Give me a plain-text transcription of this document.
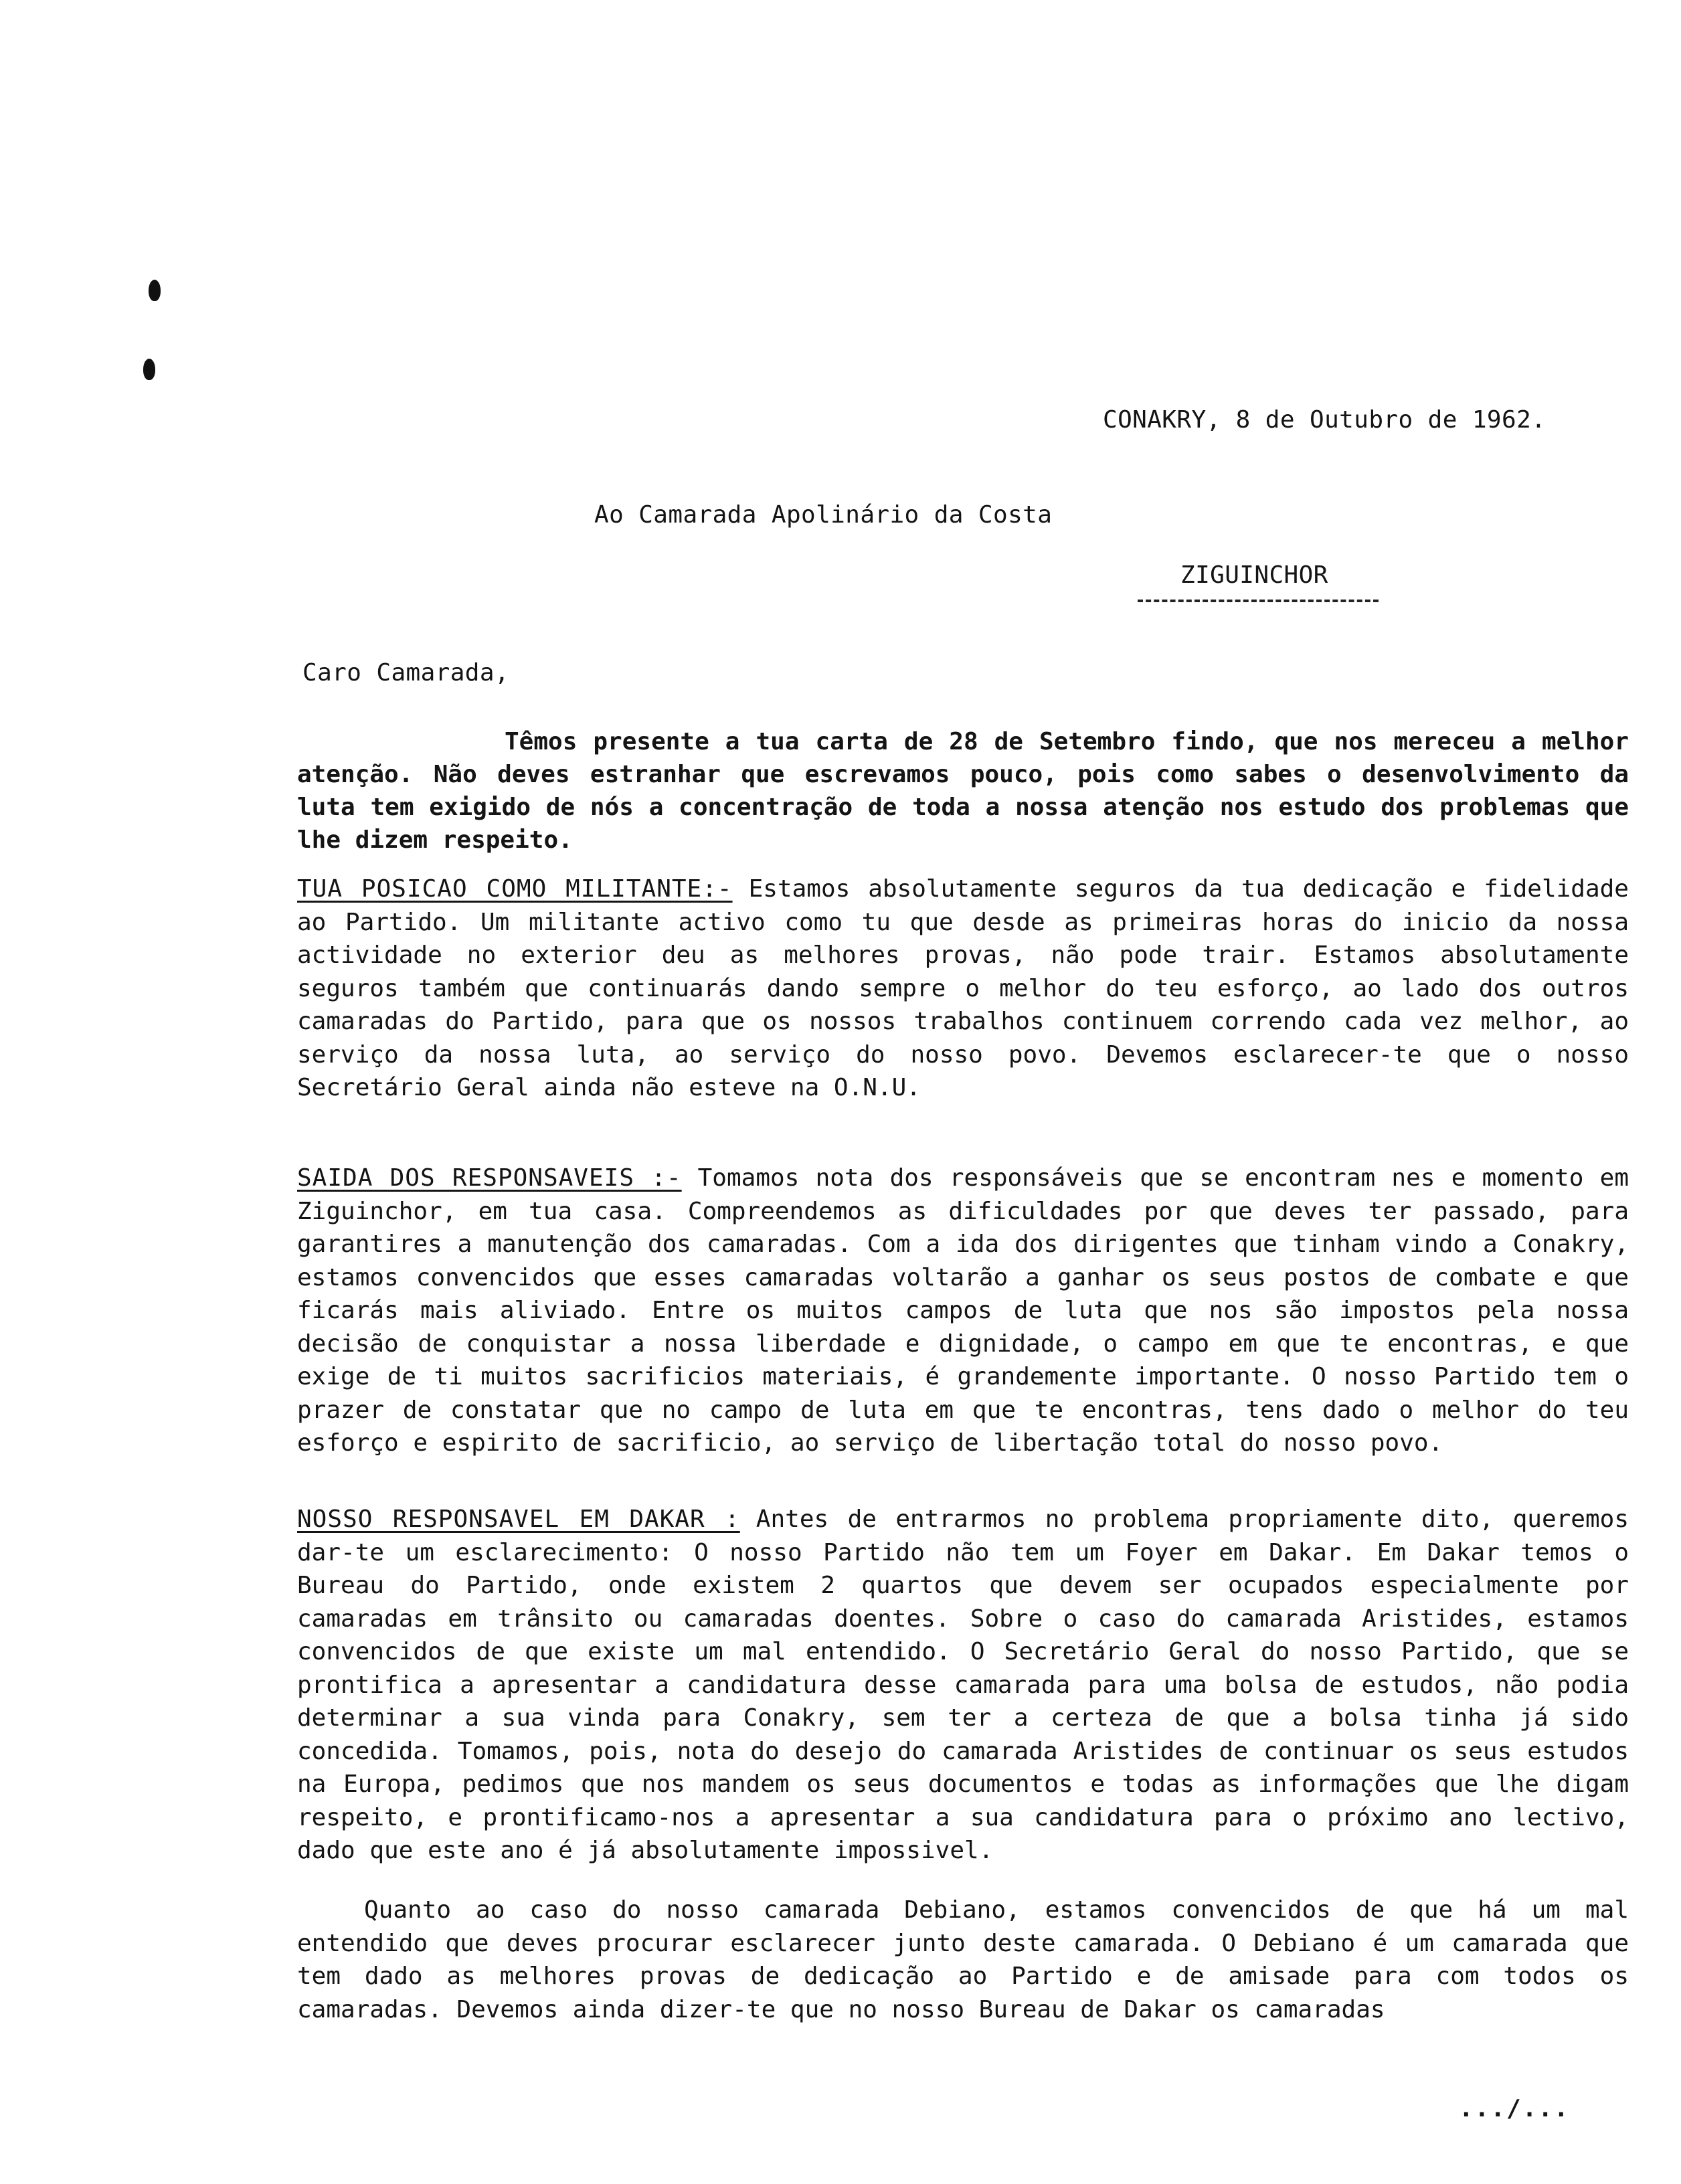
CONAKRY, 8 de Outubro de 1962.
Ao Camarada Apolinário da Costa
ZIGUINCHOR
Caro Camarada,

Têmos presente a tua carta de 28 de Setembro findo, que nos mereceu a melhor atenção. Não deves estranhar que escrevamos pouco, pois como sabes o desenvolvimento da luta tem exigido de nós a concentração de toda a nossa atenção nos estudo dos problemas que lhe dizem respeito.

TUA POSICAO COMO MILITANTE:- Estamos absolutamente seguros da tua dedicação e fidelidade ao Partido. Um militante activo como tu que desde as primeiras horas do inicio da nossa actividade no exterior deu as melhores provas, não pode trair. Estamos absolutamente seguros também que continuarás dando sempre o melhor do teu esforço, ao lado dos outros camaradas do Partido, para que os nossos trabalhos continuem correndo cada vez melhor, ao serviço da nossa luta, ao serviço do nosso povo. Devemos esclarecer-te que o nosso Secretário Geral ainda não esteve na O.N.U.

SAIDA DOS RESPONSAVEIS :- Tomamos nota dos responsáveis que se encontram nes e momento em Ziguinchor, em tua casa. Compreendemos as dificuldades por que deves ter passado, para garantires a manutenção dos camaradas. Com a ida dos dirigentes que tinham vindo a Conakry, estamos convencidos que esses camaradas voltarão a ganhar os seus postos de combate e que ficarás mais aliviado. Entre os muitos campos de luta que nos são impostos pela nossa decisão de conquistar a nossa liberdade e dignidade, o campo em que te encontras, e que exige de ti muitos sacrificios materiais, é grandemente importante. O nosso Partido tem o prazer de constatar que no campo de luta em que te encontras, tens dado o melhor do teu esforço e espirito de sacrificio, ao serviço de libertação total do nosso povo.

NOSSO RESPONSAVEL EM DAKAR : Antes de entrarmos no problema propriamente dito, queremos dar-te um esclarecimento: O nosso Partido não tem um Foyer em Dakar. Em Dakar temos o Bureau do Partido, onde existem 2 quartos que devem ser ocupados especialmente por camaradas em trânsito ou camaradas doentes. Sobre o caso do camarada Aristides, estamos convencidos de que existe um mal entendido. O Secretário Geral do nosso Partido, que se prontifica a apresentar a candidatura desse camarada para uma bolsa de estudos, não podia determinar a sua vinda para Conakry, sem ter a certeza de que a bolsa tinha já sido concedida. Tomamos, pois, nota do desejo do camarada Aristides de continuar os seus estudos na Europa, pedimos que nos mandem os seus documentos e todas as informações que lhe digam respeito, e prontificamo-nos a apresentar a sua candidatura para o próximo ano lectivo, dado que este ano é já absolutamente impossivel.

Quanto ao caso do nosso camarada Debiano, estamos convencidos de que há um mal entendido que deves procurar esclarecer junto deste camarada. O Debiano é um camarada que tem dado as melhores provas de dedicação ao Partido e de amisade para com todos os camaradas. Devemos ainda dizer-te que no nosso Bureau de Dakar os camaradas

.../...
